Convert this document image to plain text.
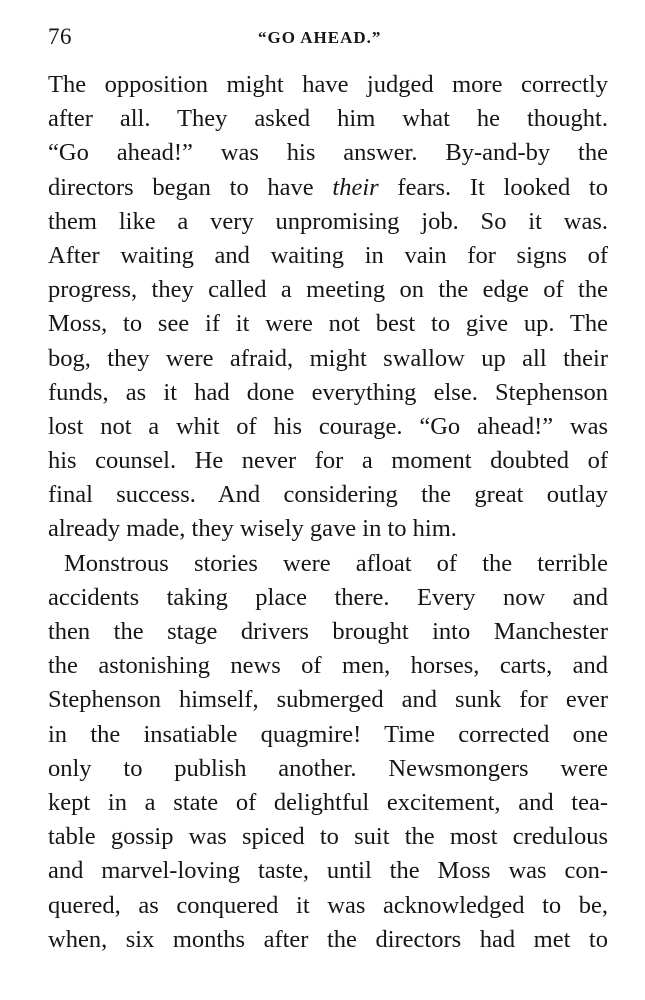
76	“GO AHEAD.”
The opposition might have judged more correctly
after all. They asked him what he thought.
“Go ahead!” was his answer. By-and-by the
directors began to have their fears. It looked to
them like a very unpromising job. So it was.
After waiting and waiting in vain for signs of
progress, they called a meeting on the edge of the
Moss, to see if it were not best to give up. The
bog, they were afraid, might swallow up all their
funds, as it had done everything else. Stephenson
lost not a whit of his courage. “Go ahead!” was
his counsel. He never for a moment doubted of
final success. And considering the great outlay
already made, they wisely gave in to him.
Monstrous stories were afloat of the terrible
accidents taking place there. Every now and
then the stage drivers brought into Manchester
the astonishing news of men, horses, carts, and
Stephenson himself, submerged and sunk for ever
in the insatiable quagmire! Time corrected one
only to publish another. Newsmongers were
kept in a state of delightful excitement, and tea-
table gossip was spiced to suit the most credulous
and marvel-loving taste, until the Moss was con-
quered, as conquered it was acknowledged to be,
when, six months after the directors had met to
